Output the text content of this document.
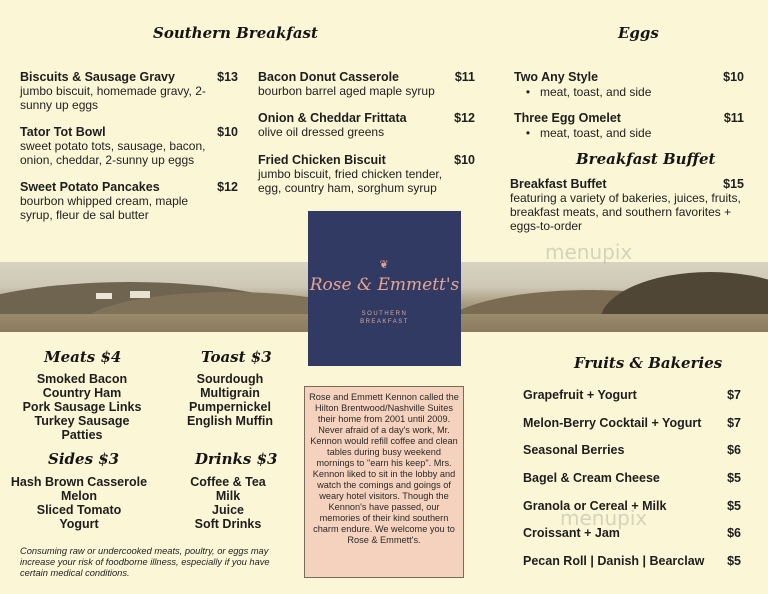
Southern Breakfast
Biscuits & Sausage Gravy	$13
jumbo biscuit, homemade gravy, 2-sunny up eggs
Tator Tot Bowl	$10
sweet potato tots, sausage, bacon, onion, cheddar, 2-sunny up eggs
Sweet Potato Pancakes	$12
bourbon whipped cream, maple syrup, fleur de sal butter
Bacon Donut Casserole	$11
bourbon barrel aged maple syrup
Onion & Cheddar Frittata	$12
olive oil dressed greens
Fried Chicken Biscuit	$10
jumbo biscuit, fried chicken tender, egg, country ham, sorghum syrup
Eggs
Two Any Style	$10
• meat, toast, and side
Three Egg Omelet	$11
• meat, toast, and side
Breakfast Buffet
Breakfast Buffet	$15
featuring a variety of bakeries, juices, fruits, breakfast meats, and southern favorites + eggs-to-order
❦
Rose & Emmett's
SOUTHERN
BREAKFAST
Meats $4
Smoked Bacon
Country Ham
Pork Sausage Links
Turkey Sausage Patties
Toast $3
Sourdough
Multigrain
Pumpernickel
English Muffin
Sides $3
Hash Brown Casserole
Melon
Sliced Tomato
Yogurt
Drinks $3
Coffee & Tea
Milk
Juice
Soft Drinks
Rose and Emmett Kennon called the Hilton Brentwood/Nashville Suites their home from 2001 until 2009. Never afraid of a day's work, Mr. Kennon would refill coffee and clean tables during busy weekend mornings to "earn his keep". Mrs. Kennon liked to sit in the lobby and watch the comings and goings of weary hotel visitors. Though the Kennon's have passed, our memories of their kind southern charm endure. We welcome you to Rose & Emmett's.
Fruits & Bakeries
Grapefruit + Yogurt	$7
Melon-Berry Cocktail + Yogurt $7
Seasonal Berries	$6
Bagel & Cream Cheese	$5
Granola or Cereal + Milk	$5
Croissant + Jam	$6
Pecan Roll | Danish | Bearclaw $5
Consuming raw or undercooked meats, poultry, or eggs may increase your risk of foodborne illness, especially if you have certain medical conditions.
menupix
menupix
